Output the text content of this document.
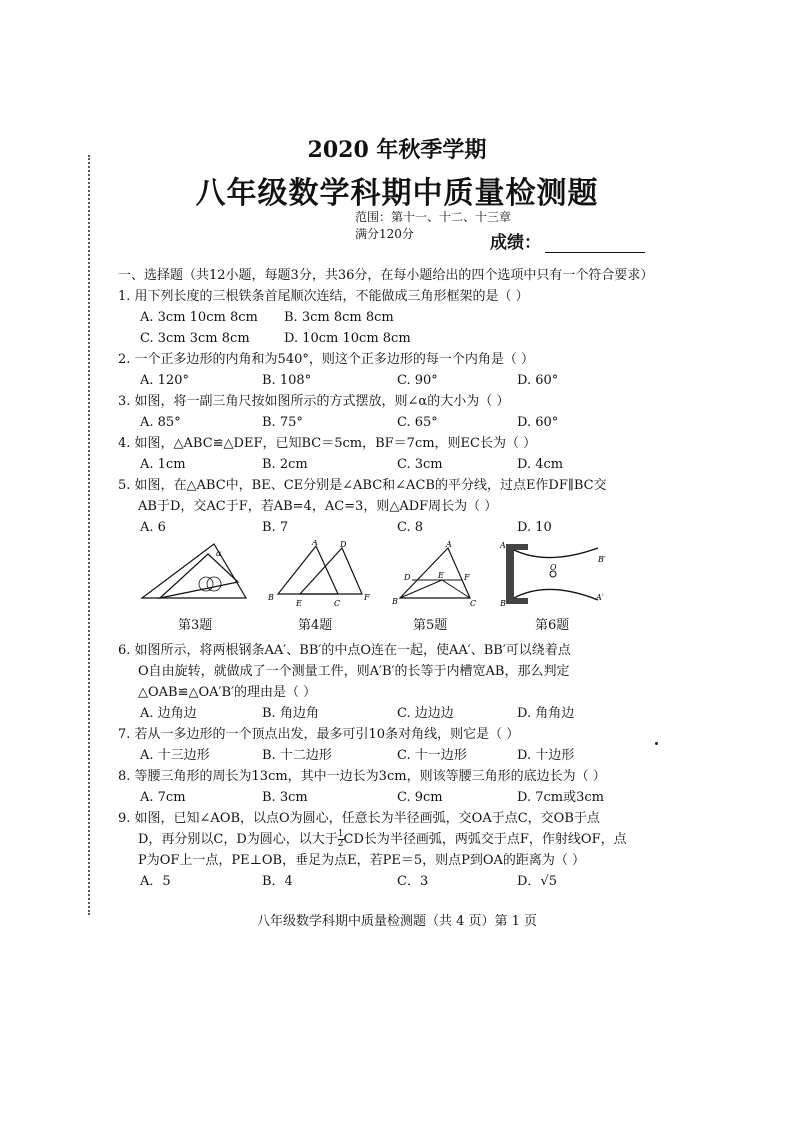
2020 年秋季学期
八年级数学科期中质量检测题
范围：第十一、十二、十三章
满分120分	成绩：
一、选择题（共12小题，每题3分，共36分，在每小题给出的四个选项中只有一个符合要求）

1. 用下列长度的三根铁条首尾顺次连结，不能做成三角形框架的是（ ）

A. 3cm 10cm 8cm	B. 3cm 8cm 8cm
C. 3cm 3cm 8cm	D. 10cm 10cm 8cm

2. 一个正多边形的内角和为540°，则这个正多边形的每一个内角是（ ）

A. 120°	B. 108°	C. 90°	D. 60°

3. 如图，将一副三角尺按如图所示的方式摆放，则∠α的大小为（ ）

A. 85°	B. 75°	C. 65°	D. 60°

4. 如图，△ABC≌△DEF，已知BC＝5cm，BF＝7cm，则EC长为（ ）

A. 1cm	B. 2cm	C. 3cm	D. 4cm

5. 如图，在△ABC中，BE、CE分别是∠ABC和∠ACB的平分线，过点E作DF∥BC交

AB于D，交AC于F，若AB=4，AC=3，则△ADF周长为（ ）

A. 6	B. 7	C. 8	D. 10
α
A	D
B
E	C
F
A
D	E	F
B	C
A
B
O
B′
A′
第3题	第4题	第5题	第6题

6. 如图所示，将两根钢条AA′、BB′的中点O连在一起，使AA′、BB′可以绕着点

O自由旋转，就做成了一个测量工件，则A′B′的长等于内槽宽AB，那么判定

△OAB≌△OA′B′的理由是（ ）

A. 边角边	B. 角边角	C. 边边边	D. 角角边

7. 若从一多边形的一个顶点出发，最多可引10条对角线，则它是（ ）

A. 十三边形	B. 十二边形	C. 十一边形	D. 十边形

8. 等腰三角形的周长为13cm，其中一边长为3cm，则该等腰三角形的底边长为（ ）

A. 7cm	B. 3cm	C. 9cm	D. 7cm或3cm

9. 如图，已知∠AOB，以点O为圆心，任意长为半径画弧，交OA于点C，交OB于点

D，再分别以C，D为圆心，以大于 $\frac{1}{2}$ CD长为半径画弧，两弧交于点F，作射线OF，点

P为OF上一点，PE⊥OB，垂足为点E，若PE＝5，则点P到OA的距离为（ ）

A．5	B．4	C．3	D．√5
八年级数学科期中质量检测题（共 4 页）第 1 页
